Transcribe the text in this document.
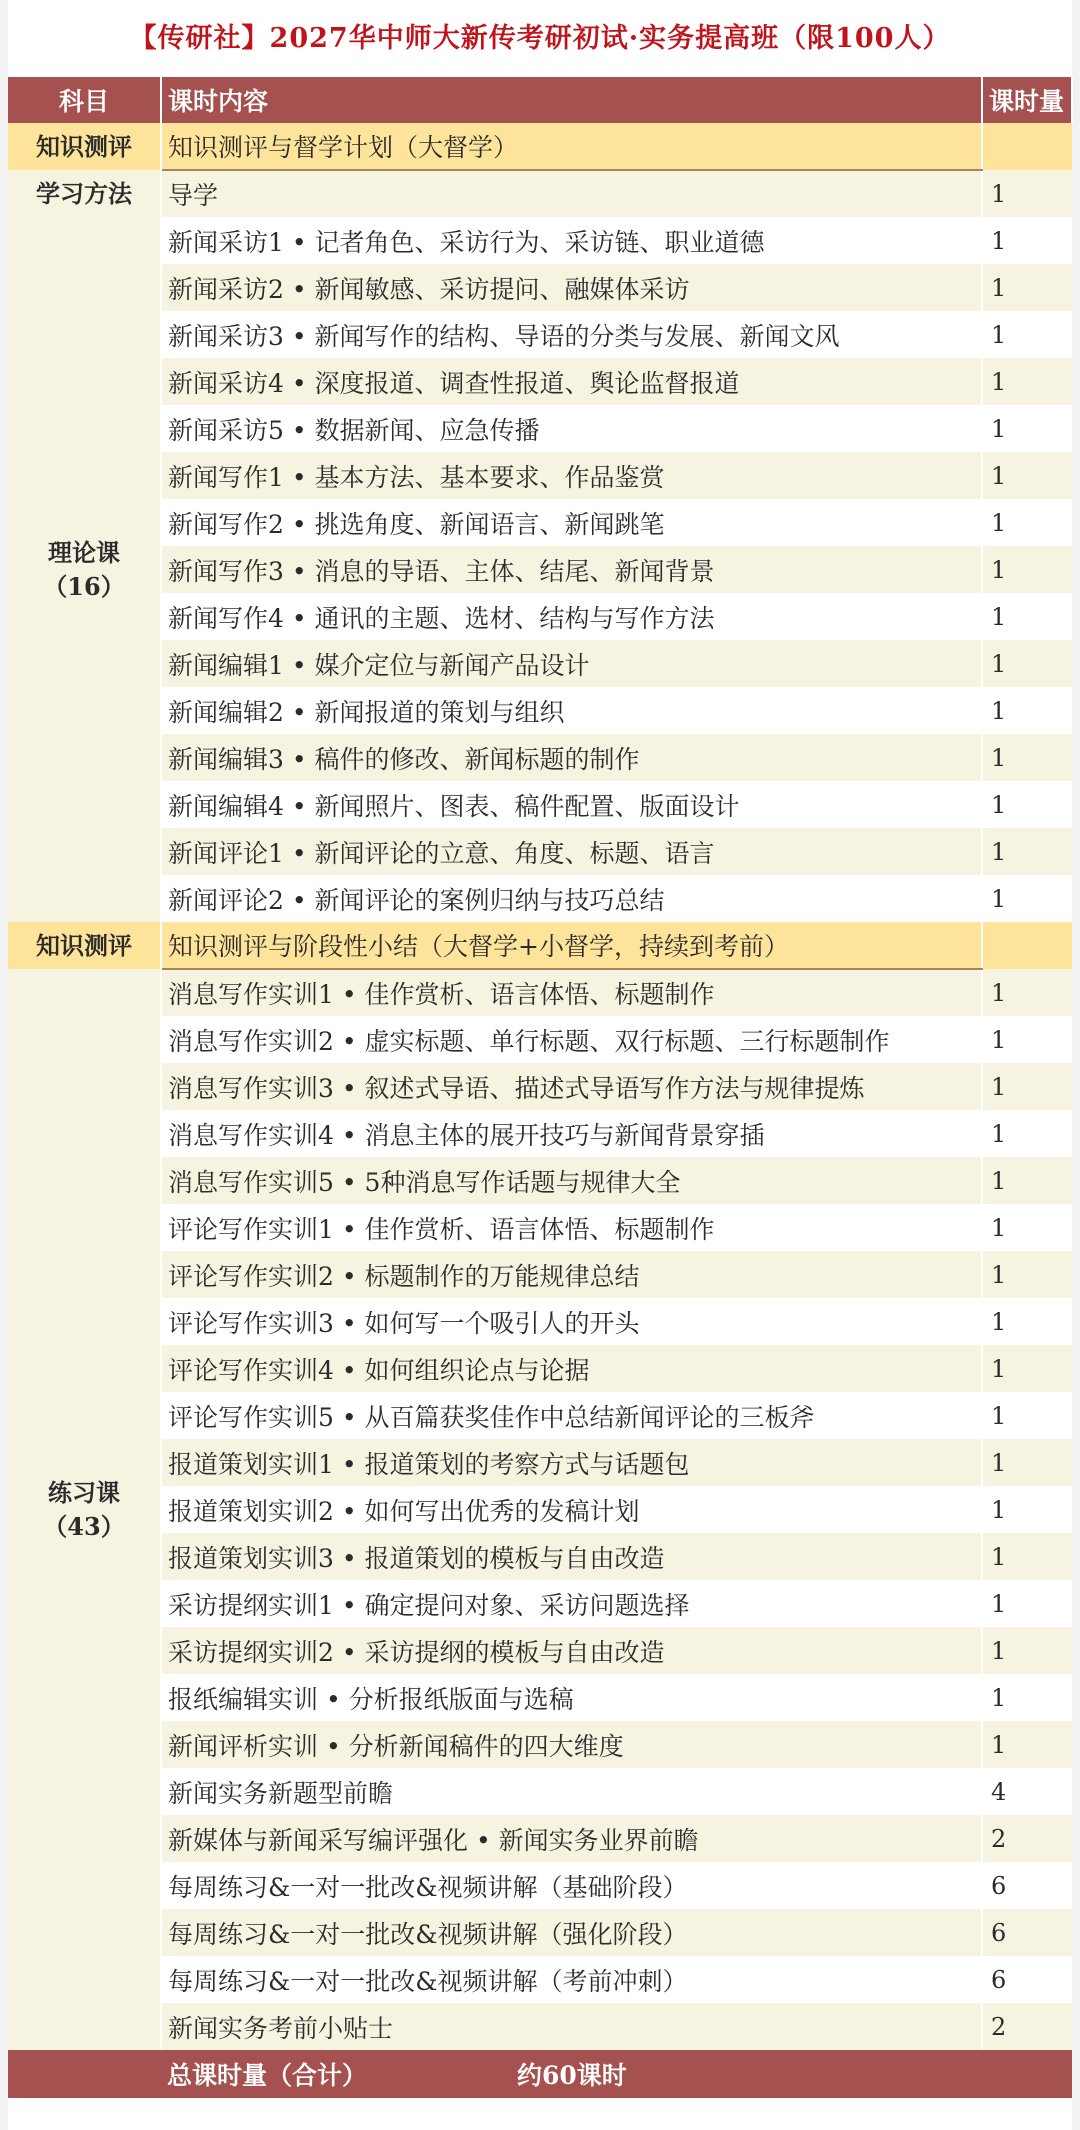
【传研社】2027华中师大新传考研初试·实务提高班（限100人）
科目	课时内容	课时量

知识测评	知识测评与督学计划（大督学）	

学习方法	导学	1

理论课
（16）	新闻采访1 • 记者角色、采访行为、采访链、职业道德	1
	新闻采访2 • 新闻敏感、采访提问、融媒体采访	1
	新闻采访3 • 新闻写作的结构、导语的分类与发展、新闻文风	1
	新闻采访4 • 深度报道、调查性报道、舆论监督报道	1
	新闻采访5 • 数据新闻、应急传播	1
	新闻写作1 • 基本方法、基本要求、作品鉴赏	1
	新闻写作2 • 挑选角度、新闻语言、新闻跳笔	1
	新闻写作3 • 消息的导语、主体、结尾、新闻背景	1
	新闻写作4 • 通讯的主题、选材、结构与写作方法	1
	新闻编辑1 • 媒介定位与新闻产品设计	1
	新闻编辑2 • 新闻报道的策划与组织	1
	新闻编辑3 • 稿件的修改、新闻标题的制作	1
	新闻编辑4 • 新闻照片、图表、稿件配置、版面设计	1
	新闻评论1 • 新闻评论的立意、角度、标题、语言	1
	新闻评论2 • 新闻评论的案例归纳与技巧总结	1

知识测评	知识测评与阶段性小结（大督学+小督学，持续到考前）	

练习课
（43）	消息写作实训1 • 佳作赏析、语言体悟、标题制作	1
	消息写作实训2 • 虚实标题、单行标题、双行标题、三行标题制作	1
	消息写作实训3 • 叙述式导语、描述式导语写作方法与规律提炼	1
	消息写作实训4 • 消息主体的展开技巧与新闻背景穿插	1
	消息写作实训5 • 5种消息写作话题与规律大全	1
	评论写作实训1 • 佳作赏析、语言体悟、标题制作	1
	评论写作实训2 • 标题制作的万能规律总结	1
	评论写作实训3 • 如何写一个吸引人的开头	1
	评论写作实训4 • 如何组织论点与论据	1
	评论写作实训5 • 从百篇获奖佳作中总结新闻评论的三板斧	1
	报道策划实训1 • 报道策划的考察方式与话题包	1
	报道策划实训2 • 如何写出优秀的发稿计划	1
	报道策划实训3 • 报道策划的模板与自由改造	1
	采访提纲实训1 • 确定提问对象、采访问题选择	1
	采访提纲实训2 • 采访提纲的模板与自由改造	1
	报纸编辑实训 • 分析报纸版面与选稿	1
	新闻评析实训 • 分析新闻稿件的四大维度	1
	新闻实务新题型前瞻	4
	新媒体与新闻采写编评强化 • 新闻实务业界前瞻	2
	每周练习&一对一批改&视频讲解（基础阶段）	6
	每周练习&一对一批改&视频讲解（强化阶段）	6
	每周练习&一对一批改&视频讲解（考前冲刺）	6
	新闻实务考前小贴士	2
	总课时量（合计） 约60课时	
